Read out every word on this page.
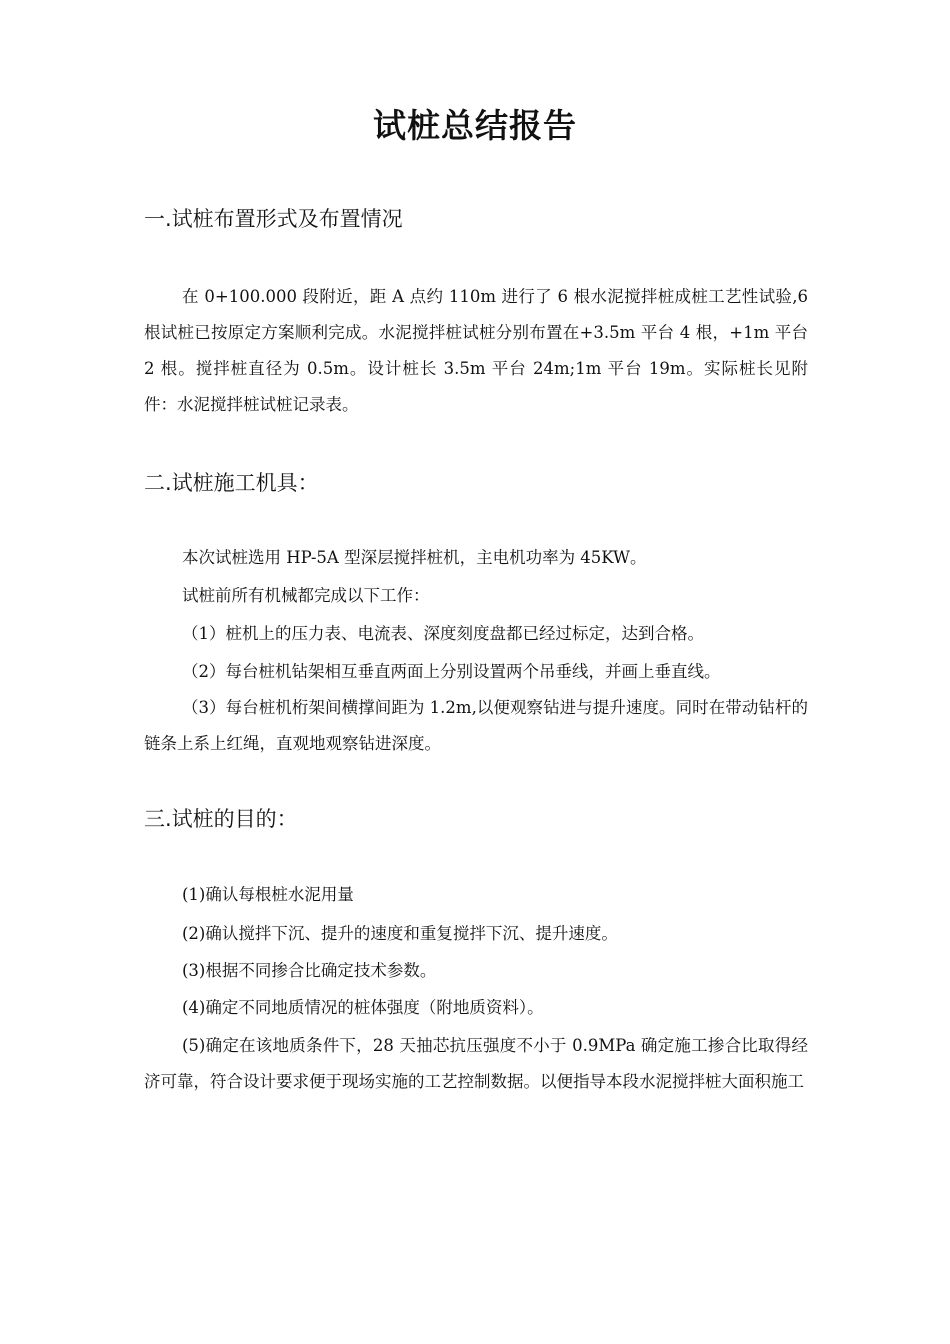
试桩总结报告
一.试桩布置形式及布置情况
在 0+100.000 段附近，距 A 点约 110m 进行了 6 根水泥搅拌桩成桩工艺性试验,6 根试桩已按原定方案顺利完成。水泥搅拌桩试桩分别布置在+3.5m 平台 4 根，+1m 平台 2 根。搅拌桩直径为 0.5m。设计桩长 3.5m 平台 24m;1m 平台 19m。实际桩长见附件：水泥搅拌桩试桩记录表。
二.试桩施工机具：
本次试桩选用 HP-5A 型深层搅拌桩机，主电机功率为 45KW。
试桩前所有机械都完成以下工作：
（1）桩机上的压力表、电流表、深度刻度盘都已经过标定，达到合格。
（2）每台桩机钻架相互垂直两面上分别设置两个吊垂线，并画上垂直线。
（3）每台桩机桁架间横撑间距为 1.2m,以便观察钻进与提升速度。同时在带动钻杆的链条上系上红绳，直观地观察钻进深度。
三.试桩的目的：
(1)确认每根桩水泥用量
(2)确认搅拌下沉、提升的速度和重复搅拌下沉、提升速度。
(3)根据不同掺合比确定技术参数。
(4)确定不同地质情况的桩体强度（附地质资料）。
(5)确定在该地质条件下，28 天抽芯抗压强度不小于 0.9MPa 确定施工掺合比取得经济可靠，符合设计要求便于现场实施的工艺控制数据。以便指导本段水泥搅拌桩大面积施工
